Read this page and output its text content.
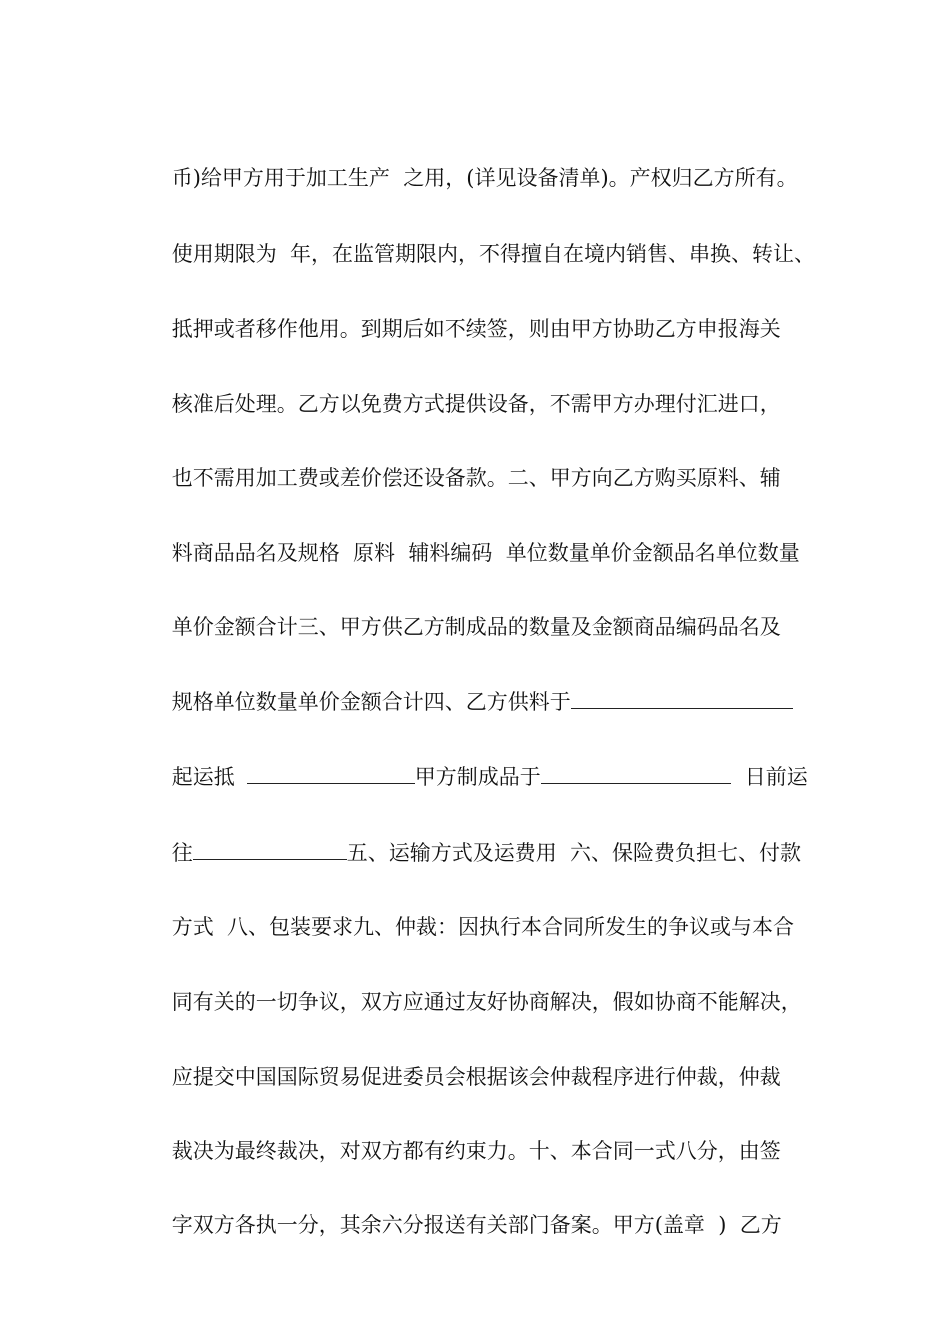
币)给甲方用于加工生产  之用，(详见设备清单)。产权归乙方所有。

使用期限为  年，在监管期限内，不得擅自在境内销售、串换、转让、

抵押或者移作他用。到期后如不续签，则由甲方协助乙方申报海关

核准后处理。乙方以免费方式提供设备，不需甲方办理付汇进口，

也不需用加工费或差价偿还设备款。二、甲方向乙方购买原料、辅

料商品品名及规格  原料  辅料编码  单位数量单价金额品名单位数量

单价金额合计三、甲方供乙方制成品的数量及金额商品编码品名及

规格单位数量单价金额合计四、乙方供料于

起运抵	甲方制成品于	日前运

往	五、运输方式及运费用  六、保险费负担七、付款

方式  八、包装要求九、仲裁：因执行本合同所发生的争议或与本合

同有关的一切争议，双方应通过友好协商解决，假如协商不能解决，

应提交中国国际贸易促进委员会根据该会仲裁程序进行仲裁，仲裁

裁决为最终裁决，对双方都有约束力。十、本合同一式八分，由签

字双方各执一分，其余六分报送有关部门备案。甲方(盖章  )  乙方
